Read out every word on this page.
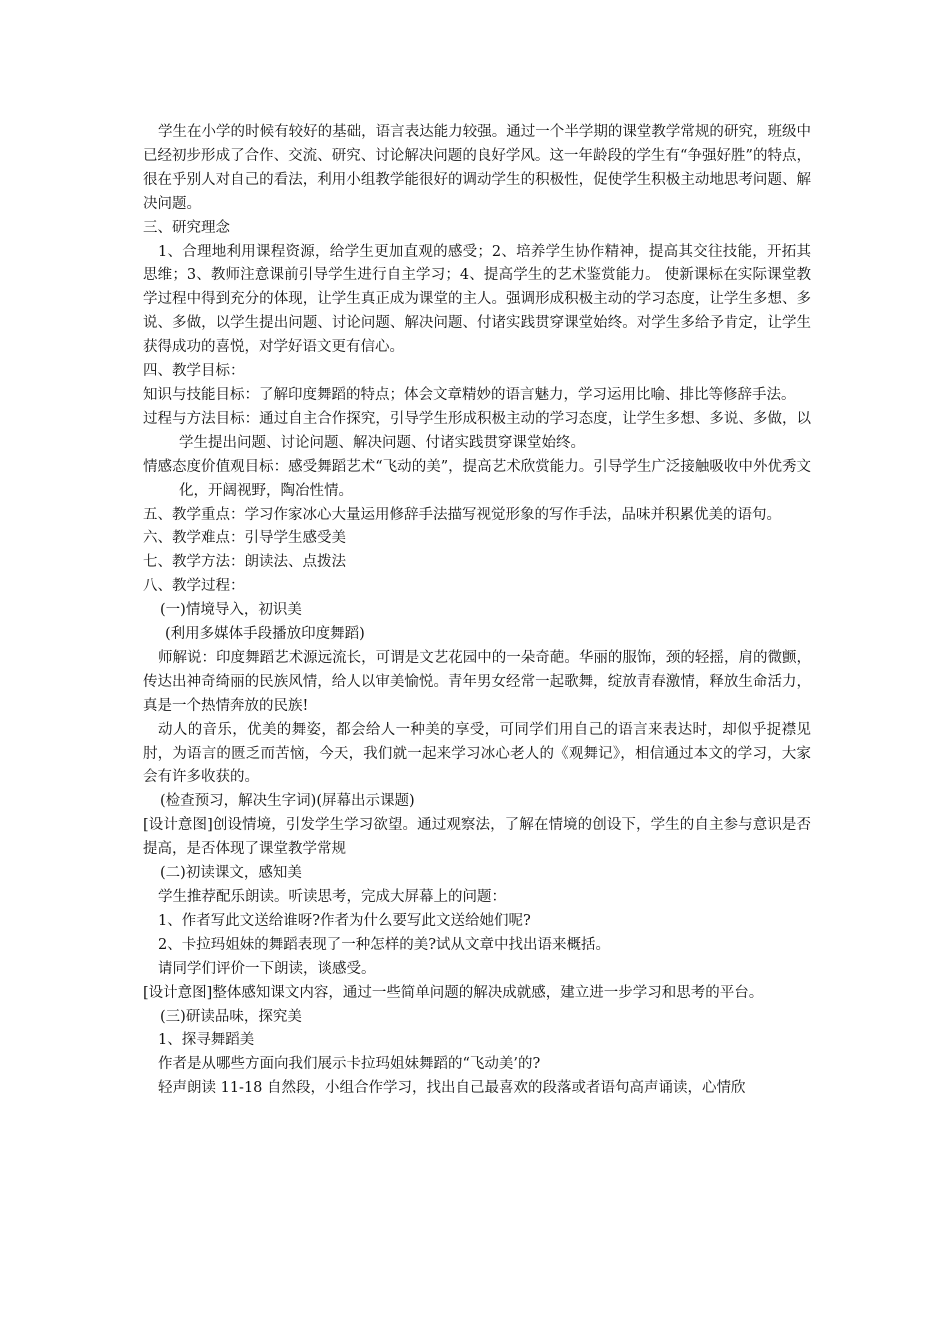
学生在小学的时候有较好的基础，语言表达能力较强。通过一个半学期的课堂教学常规的研究，班级中已经初步形成了合作、交流、研究、讨论解决问题的良好学风。这一年龄段的学生有“争强好胜”的特点，很在乎别人对自己的看法，利用小组教学能很好的调动学生的积极性，促使学生积极主动地思考问题、解决问题。

三、研究理念

1、合理地利用课程资源，给学生更加直观的感受；2、培养学生协作精神，提高其交往技能，开拓其思维；3、教师注意课前引导学生进行自主学习；4、提高学生的艺术鉴赏能力。 使新课标在实际课堂教学过程中得到充分的体现，让学生真正成为课堂的主人。强调形成积极主动的学习态度，让学生多想、多说、多做，以学生提出问题、讨论问题、解决问题、付诸实践贯穿课堂始终。对学生多给予肯定，让学生获得成功的喜悦，对学好语文更有信心。

四、教学目标：

知识与技能目标：了解印度舞蹈的特点；体会文章精妙的语言魅力，学习运用比喻、排比等修辞手法。

过程与方法目标：通过自主合作探究，引导学生形成积极主动的学习态度，让学生多想、多说、多做，以学生提出问题、讨论问题、解决问题、付诸实践贯穿课堂始终。

情感态度价值观目标：感受舞蹈艺术“飞动的美”，提高艺术欣赏能力。引导学生广泛接触吸收中外优秀文化，开阔视野，陶冶性情。

五、教学重点：学习作家冰心大量运用修辞手法描写视觉形象的写作手法，品味并积累优美的语句。

六、教学难点：引导学生感受美

七、教学方法：朗读法、点拨法

八、教学过程：

(一)情境导入，初识美

(利用多媒体手段播放印度舞蹈)

师解说：印度舞蹈艺术源远流长，可谓是文艺花园中的一朵奇葩。华丽的服饰，颈的轻摇，肩的微颤，传达出神奇绮丽的民族风情，给人以审美愉悦。青年男女经常一起歌舞，绽放青春激情，释放生命活力，真是一个热情奔放的民族!

动人的音乐，优美的舞姿，都会给人一种美的享受，可同学们用自己的语言来表达时，却似乎捉襟见肘，为语言的匮乏而苦恼，今天，我们就一起来学习冰心老人的《观舞记》，相信通过本文的学习，大家会有许多收获的。

(检查预习，解决生字词)(屏幕出示课题)

[设计意图]创设情境，引发学生学习欲望。通过观察法，了解在情境的创设下，学生的自主参与意识是否提高，是否体现了课堂教学常规

(二)初读课文，感知美

学生推荐配乐朗读。听读思考，完成大屏幕上的问题：

1、作者写此文送给谁呀?作者为什么要写此文送给她们呢?

2、卡拉玛姐妹的舞蹈表现了一种怎样的美?试从文章中找出语来概括。

请同学们评价一下朗读，谈感受。

[设计意图]整体感知课文内容，通过一些简单问题的解决成就感，建立进一步学习和思考的平台。

(三)研读品味，探究美

1、探寻舞蹈美

作者是从哪些方面向我们展示卡拉玛姐妹舞蹈的“飞动美’的?

轻声朗读 11-18 自然段，小组合作学习，找出自己最喜欢的段落或者语句高声诵读，心情欣
